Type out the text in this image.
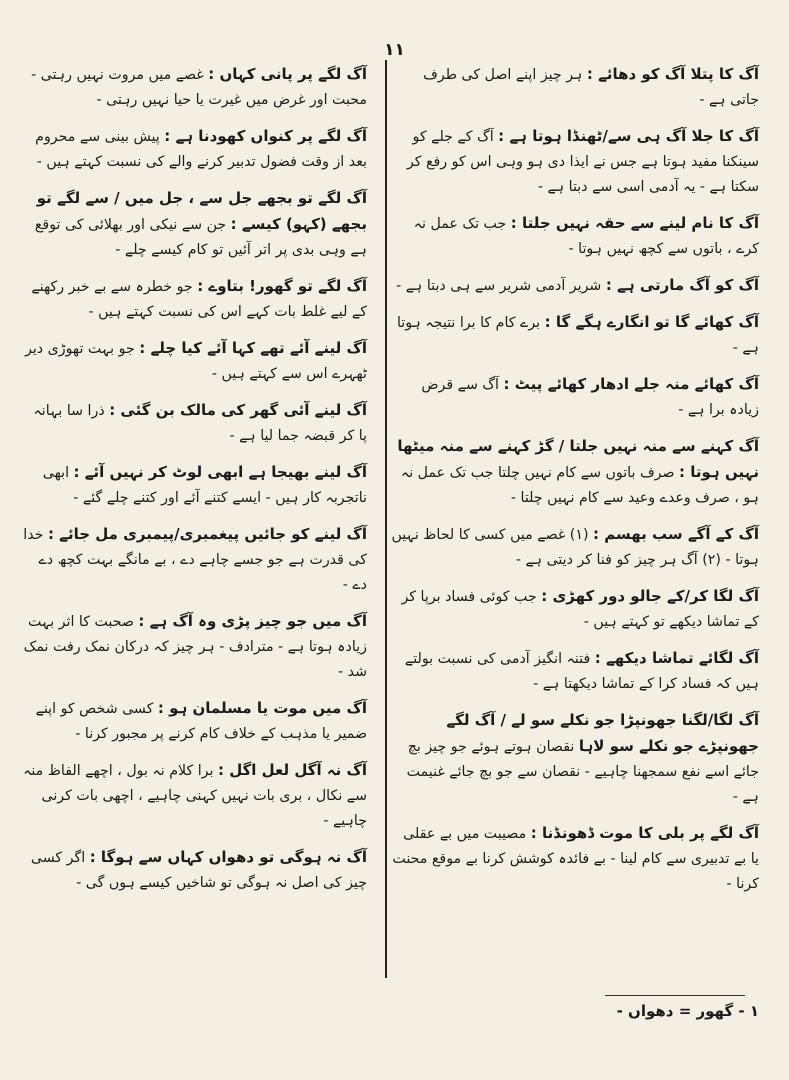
۱۱
آگ کا پتلا آگ کو دھائے : ہر چیز اپنے اصل کی طرف جاتی ہے -
آگ کا جلا آگ ہی سے/ٹھنڈا ہوتا ہے : آگ کے جلے کو سینکنا مفید ہوتا ہے جس نے ایذا دی ہو وہی اس کو رفع کر سکتا ہے - یہ آدمی اسی سے دبتا ہے -
آگ کا نام لینے سے حقہ نہیں جلتا : جب تک عمل نہ کرے ، باتوں سے کچھ نہیں ہوتا -
آگ کو آگ مارتی ہے : شریر آدمی شریر سے ہی دبتا ہے -
آگ کھائے گا تو انگارے ہگے گا : برے کام کا برا نتیجہ ہوتا ہے -
آگ کھائے منہ جلے ادھار کھائے پیٹ : آگ سے قرض زیادہ برا ہے -
آگ کہنے سے منہ نہیں جلتا / گڑ کہنے سے منہ میٹھا نہیں ہوتا : صرف باتوں سے کام نہیں چلتا جب تک عمل نہ ہو ، صرف وعدے وعید سے کام نہیں چلتا -
آگ کے آگے سب بھسم : (۱) غصے میں کسی کا لحاظ نہیں ہوتا - (۲) آگ ہر چیز کو فنا کر دیتی ہے -
آگ لگا کر/کے جالو دور کھڑی : جب کوئی فساد برپا کر کے تماشا دیکھے تو کہتے ہیں -
آگ لگائے تماشا دیکھے : فتنہ انگیز آدمی کی نسبت بولتے ہیں کہ فساد کرا کے تماشا دیکھتا ہے -
آگ لگا/لگنا جھونپڑا جو نکلے سو لے / آگ لگے جھونپڑے جو نکلے سو لاہا نقصان ہوتے ہوئے جو چیز بچ جائے اسے نفع سمجھنا چاہیے - نقصان سے جو بچ جائے غنیمت ہے -
آگ لگے پر بلی کا موت ڈھونڈنا : مصیبت میں بے عقلی یا بے تدبیری سے کام لینا - بے فائدہ کوشش کرنا بے موقع محنت کرنا -
آگ لگے پر پانی کہاں : غصے میں مروت نہیں رہتی - محبت اور غرض میں غیرت یا حیا نہیں رہتی -
آگ لگے پر کنواں کھودنا ہے : پیش بینی سے محروم بعد از وقت فضول تدبیر کرنے والے کی نسبت کہتے ہیں -
آگ لگے تو بجھے جل سے ، جل میں / سے لگے تو بجھے (کہو) کیسے : جن سے نیکی اور بھلائی کی توقع ہے وہی بدی پر اتر آئیں تو کام کیسے چلے -
آگ لگے تو گھور! بتاوے : جو خطرہ سے بے خبر رکھنے کے لیے غلط بات کہے اس کی نسبت کہتے ہیں -
آگ لینے آئے تھے کہا آئے کیا چلے : جو بہت تھوڑی دیر ٹھہرے اس سے کہتے ہیں -
آگ لینے آئی گھر کی مالک بن گئی : ذرا سا بہانہ پا کر قبضہ جما لیا ہے -
آگ لینے بھیجا ہے ابھی لوٹ کر نہیں آئے : ابھی ناتجربہ کار ہیں - ایسے کتنے آئے اور کتنے چلے گئے -
آگ لینے کو جائیں پیغمبری/پیمبری مل جائے : خدا کی قدرت ہے جو جسے چاہے دے ، بے مانگے بہت کچھ دے دے -
آگ میں جو چیز پڑی وہ آگ ہے : صحبت کا اثر بہت زیادہ ہوتا ہے - مترادف - ہر چیز کہ درکان نمک رفت نمک شد -
آگ میں موت یا مسلمان ہو : کسی شخص کو اپنے ضمیر یا مذہب کے خلاف کام کرنے پر مجبور کرنا -
آگ نہ آگل لعل اگل : برا کلام نہ بول ، اچھے الفاظ منہ سے نکال ، بری بات نہیں کہنی چاہیے ، اچھی بات کرنی چاہیے -
آگ نہ ہوگی تو دھواں کہاں سے ہوگا : اگر کسی چیز کی اصل نہ ہوگی تو شاخیں کیسے ہوں گی -
۱ - گھور = دھواں -
